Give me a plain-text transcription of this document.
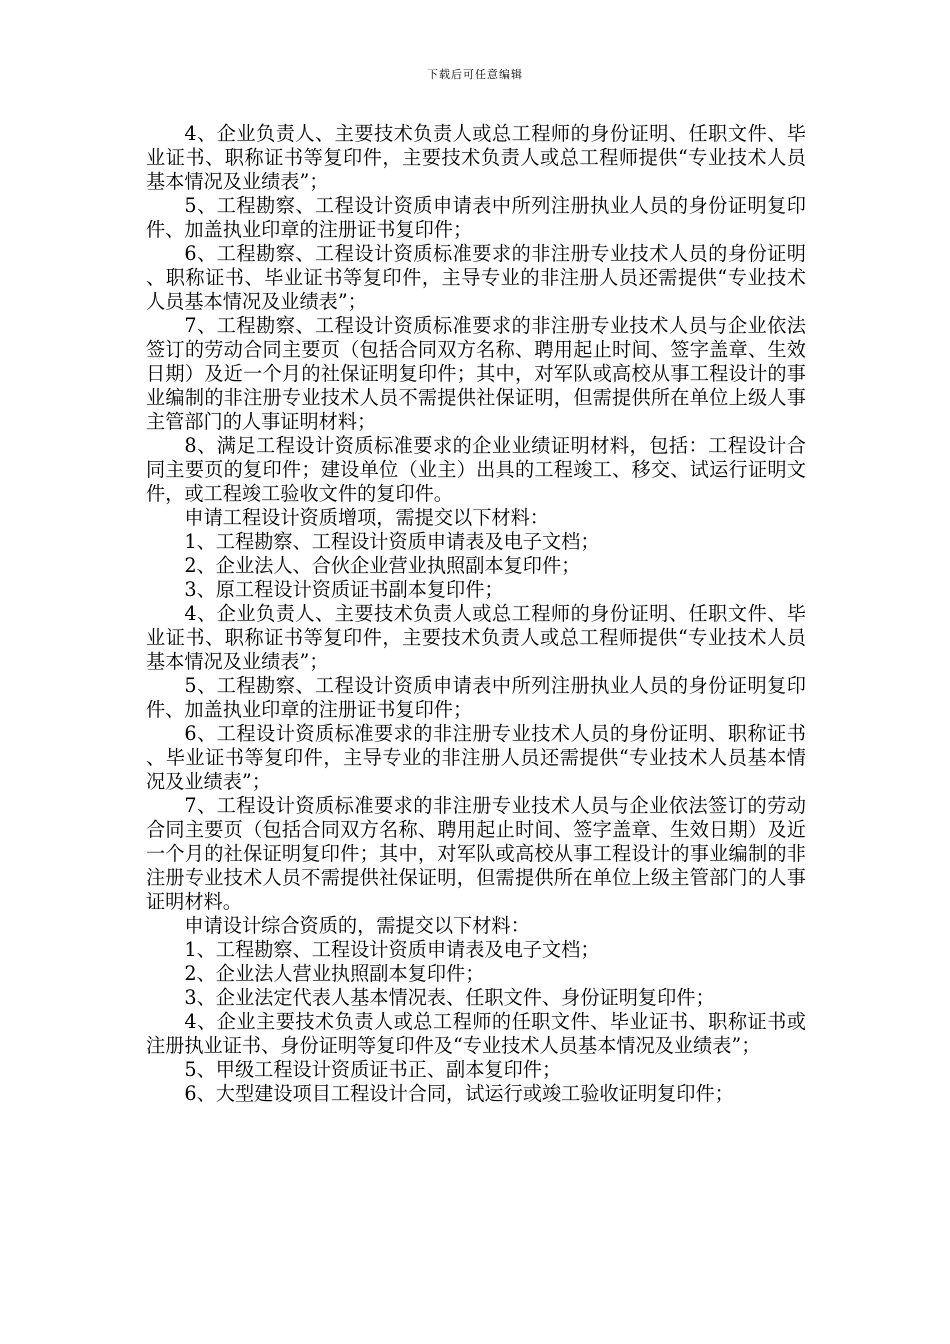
下载后可任意编辑

4、企业负责人、主要技术负责人或总工程师的身份证明、任职文件、毕业证书、职称证书等复印件，主要技术负责人或总工程师提供“专业技术人员基本情况及业绩表”；

5、工程勘察、工程设计资质申请表中所列注册执业人员的身份证明复印件、加盖执业印章的注册证书复印件；

6、工程勘察、工程设计资质标准要求的非注册专业技术人员的身份证明、职称证书、毕业证书等复印件，主导专业的非注册人员还需提供“专业技术人员基本情况及业绩表”；

7、工程勘察、工程设计资质标准要求的非注册专业技术人员与企业依法签订的劳动合同主要页（包括合同双方名称、聘用起止时间、签字盖章、生效日期）及近一个月的社保证明复印件；其中，对军队或高校从事工程设计的事业编制的非注册专业技术人员不需提供社保证明，但需提供所在单位上级人事主管部门的人事证明材料；

8、满足工程设计资质标准要求的企业业绩证明材料，包括：工程设计合同主要页的复印件；建设单位（业主）出具的工程竣工、移交、试运行证明文件，或工程竣工验收文件的复印件。

申请工程设计资质增项，需提交以下材料：

1、工程勘察、工程设计资质申请表及电子文档；

2、企业法人、合伙企业营业执照副本复印件；

3、原工程设计资质证书副本复印件；

4、企业负责人、主要技术负责人或总工程师的身份证明、任职文件、毕业证书、职称证书等复印件，主要技术负责人或总工程师提供“专业技术人员基本情况及业绩表”；

5、工程勘察、工程设计资质申请表中所列注册执业人员的身份证明复印件、加盖执业印章的注册证书复印件；

6、工程设计资质标准要求的非注册专业技术人员的身份证明、职称证书、毕业证书等复印件，主导专业的非注册人员还需提供“专业技术人员基本情况及业绩表”；

7、工程设计资质标准要求的非注册专业技术人员与企业依法签订的劳动合同主要页（包括合同双方名称、聘用起止时间、签字盖章、生效日期）及近一个月的社保证明复印件；其中，对军队或高校从事工程设计的事业编制的非注册专业技术人员不需提供社保证明，但需提供所在单位上级主管部门的人事证明材料。

申请设计综合资质的，需提交以下材料：

1、工程勘察、工程设计资质申请表及电子文档；

2、企业法人营业执照副本复印件；

3、企业法定代表人基本情况表、任职文件、身份证明复印件；

4、企业主要技术负责人或总工程师的任职文件、毕业证书、职称证书或注册执业证书、身份证明等复印件及“专业技术人员基本情况及业绩表”；

5、甲级工程设计资质证书正、副本复印件；

6、大型建设项目工程设计合同，试运行或竣工验收证明复印件；
